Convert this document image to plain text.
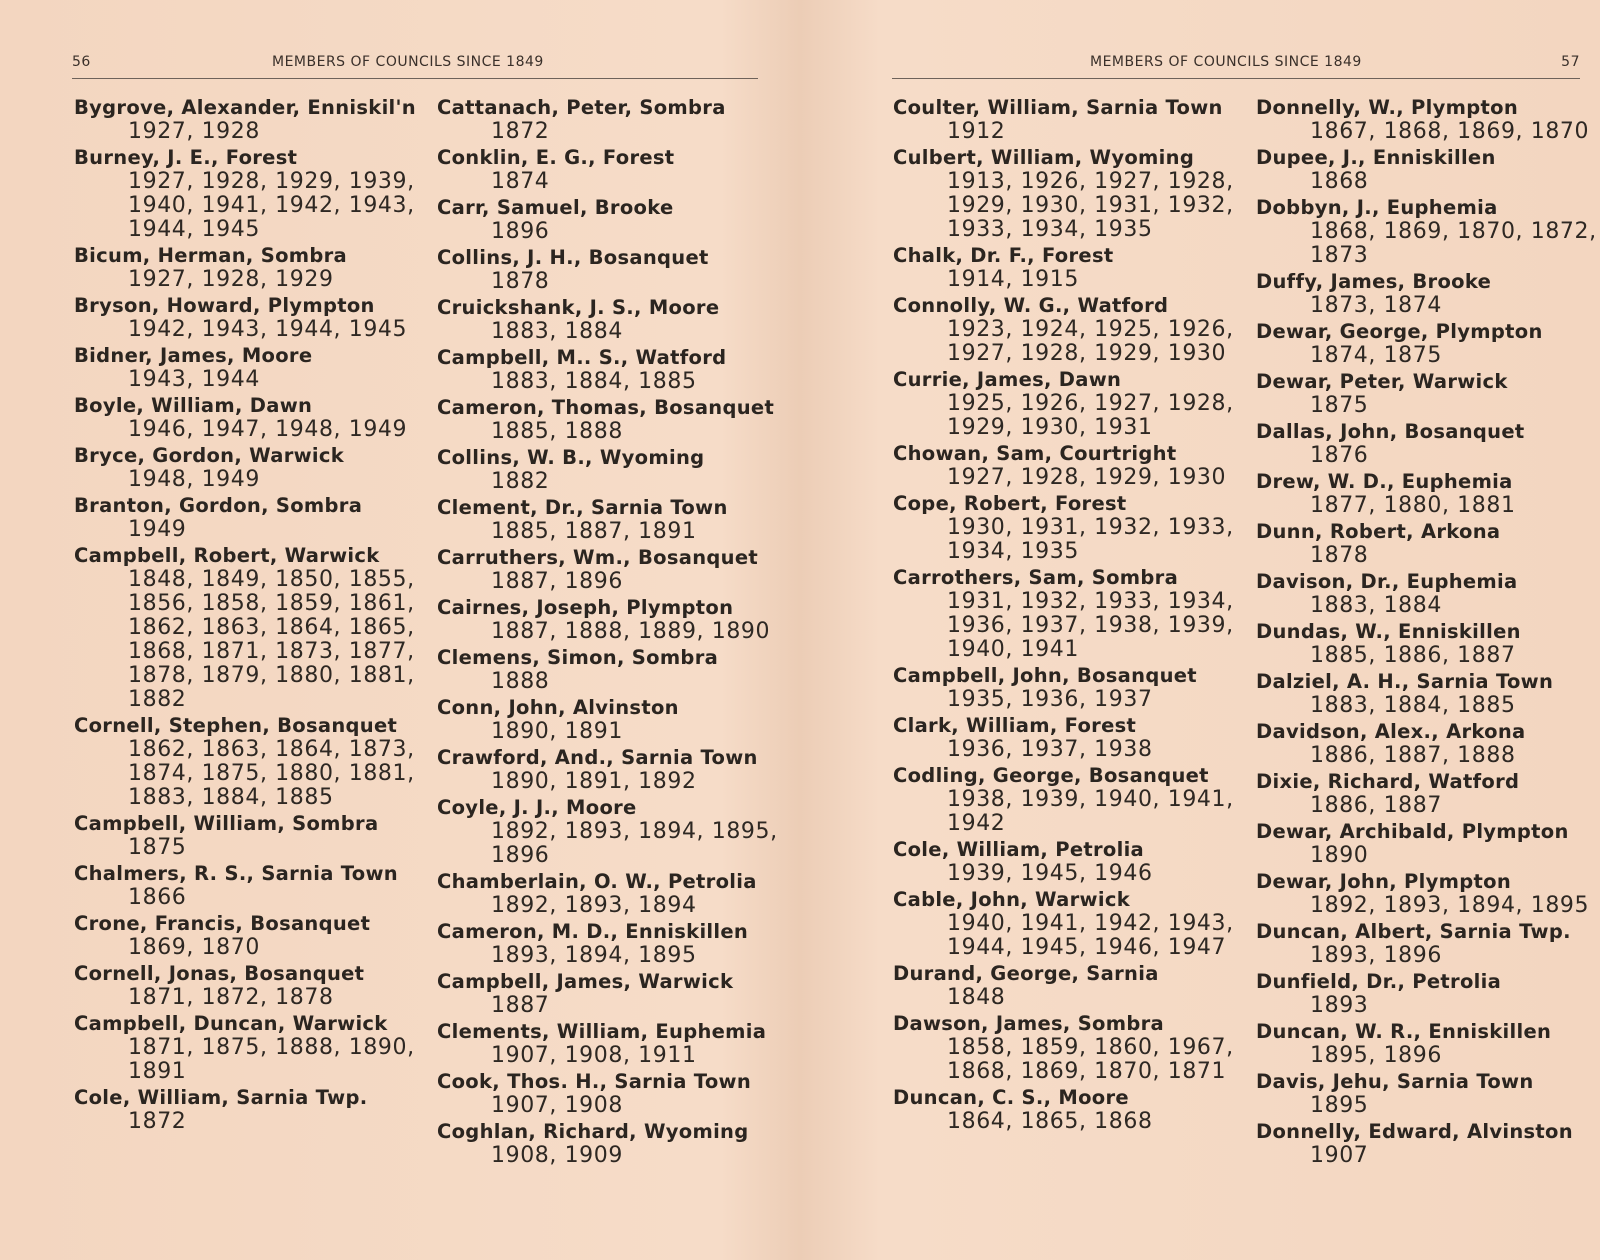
56	MEMBERS OF COUNCILS SINCE 1849
Bygrove, Alexander, Enniskil'n
1927, 1928
Burney, J. E., Forest
1927, 1928, 1929, 1939,
1940, 1941, 1942, 1943,
1944, 1945
Bicum, Herman, Sombra
1927, 1928, 1929
Bryson, Howard, Plympton
1942, 1943, 1944, 1945
Bidner, James, Moore
1943, 1944
Boyle, William, Dawn
1946, 1947, 1948, 1949
Bryce, Gordon, Warwick
1948, 1949
Branton, Gordon, Sombra
1949
Campbell, Robert, Warwick
1848, 1849, 1850, 1855,
1856, 1858, 1859, 1861,
1862, 1863, 1864, 1865,
1868, 1871, 1873, 1877,
1878, 1879, 1880, 1881,
1882
Cornell, Stephen, Bosanquet
1862, 1863, 1864, 1873,
1874, 1875, 1880, 1881,
1883, 1884, 1885
Campbell, William, Sombra
1875
Chalmers, R. S., Sarnia Town
1866
Crone, Francis, Bosanquet
1869, 1870
Cornell, Jonas, Bosanquet
1871, 1872, 1878
Campbell, Duncan, Warwick
1871, 1875, 1888, 1890,
1891
Cole, William, Sarnia Twp.
1872
Cattanach, Peter, Sombra
1872
Conklin, E. G., Forest
1874
Carr, Samuel, Brooke
1896
Collins, J. H., Bosanquet
1878
Cruickshank, J. S., Moore
1883, 1884
Campbell, M.. S., Watford
1883, 1884, 1885
Cameron, Thomas, Bosanquet
1885, 1888
Collins, W. B., Wyoming
1882
Clement, Dr., Sarnia Town
1885, 1887, 1891
Carruthers, Wm., Bosanquet
1887, 1896
Cairnes, Joseph, Plympton
1887, 1888, 1889, 1890
Clemens, Simon, Sombra
1888
Conn, John, Alvinston
1890, 1891
Crawford, And., Sarnia Town
1890, 1891, 1892
Coyle, J. J., Moore
1892, 1893, 1894, 1895,
1896
Chamberlain, O. W., Petrolia
1892, 1893, 1894
Cameron, M. D., Enniskillen
1893, 1894, 1895
Campbell, James, Warwick
1887
Clements, William, Euphemia
1907, 1908, 1911
Cook, Thos. H., Sarnia Town
1907, 1908
Coghlan, Richard, Wyoming
1908, 1909
MEMBERS OF COUNCILS SINCE 1849	57
Coulter, William, Sarnia Town
1912
Culbert, William, Wyoming
1913, 1926, 1927, 1928,
1929, 1930, 1931, 1932,
1933, 1934, 1935
Chalk, Dr. F., Forest
1914, 1915
Connolly, W. G., Watford
1923, 1924, 1925, 1926,
1927, 1928, 1929, 1930
Currie, James, Dawn
1925, 1926, 1927, 1928,
1929, 1930, 1931
Chowan, Sam, Courtright
1927, 1928, 1929, 1930
Cope, Robert, Forest
1930, 1931, 1932, 1933,
1934, 1935
Carrothers, Sam, Sombra
1931, 1932, 1933, 1934,
1936, 1937, 1938, 1939,
1940, 1941
Campbell, John, Bosanquet
1935, 1936, 1937
Clark, William, Forest
1936, 1937, 1938
Codling, George, Bosanquet
1938, 1939, 1940, 1941,
1942
Cole, William, Petrolia
1939, 1945, 1946
Cable, John, Warwick
1940, 1941, 1942, 1943,
1944, 1945, 1946, 1947
Durand, George, Sarnia
1848
Dawson, James, Sombra
1858, 1859, 1860, 1967,
1868, 1869, 1870, 1871
Duncan, C. S., Moore
1864, 1865, 1868
Donnelly, W., Plympton
1867, 1868, 1869, 1870
Dupee, J., Enniskillen
1868
Dobbyn, J., Euphemia
1868, 1869, 1870, 1872,
1873
Duffy, James, Brooke
1873, 1874
Dewar, George, Plympton
1874, 1875
Dewar, Peter, Warwick
1875
Dallas, John, Bosanquet
1876
Drew, W. D., Euphemia
1877, 1880, 1881
Dunn, Robert, Arkona
1878
Davison, Dr., Euphemia
1883, 1884
Dundas, W., Enniskillen
1885, 1886, 1887
Dalziel, A. H., Sarnia Town
1883, 1884, 1885
Davidson, Alex., Arkona
1886, 1887, 1888
Dixie, Richard, Watford
1886, 1887
Dewar, Archibald, Plympton
1890
Dewar, John, Plympton
1892, 1893, 1894, 1895
Duncan, Albert, Sarnia Twp.
1893, 1896
Dunfield, Dr., Petrolia
1893
Duncan, W. R., Enniskillen
1895, 1896
Davis, Jehu, Sarnia Town
1895
Donnelly, Edward, Alvinston
1907
